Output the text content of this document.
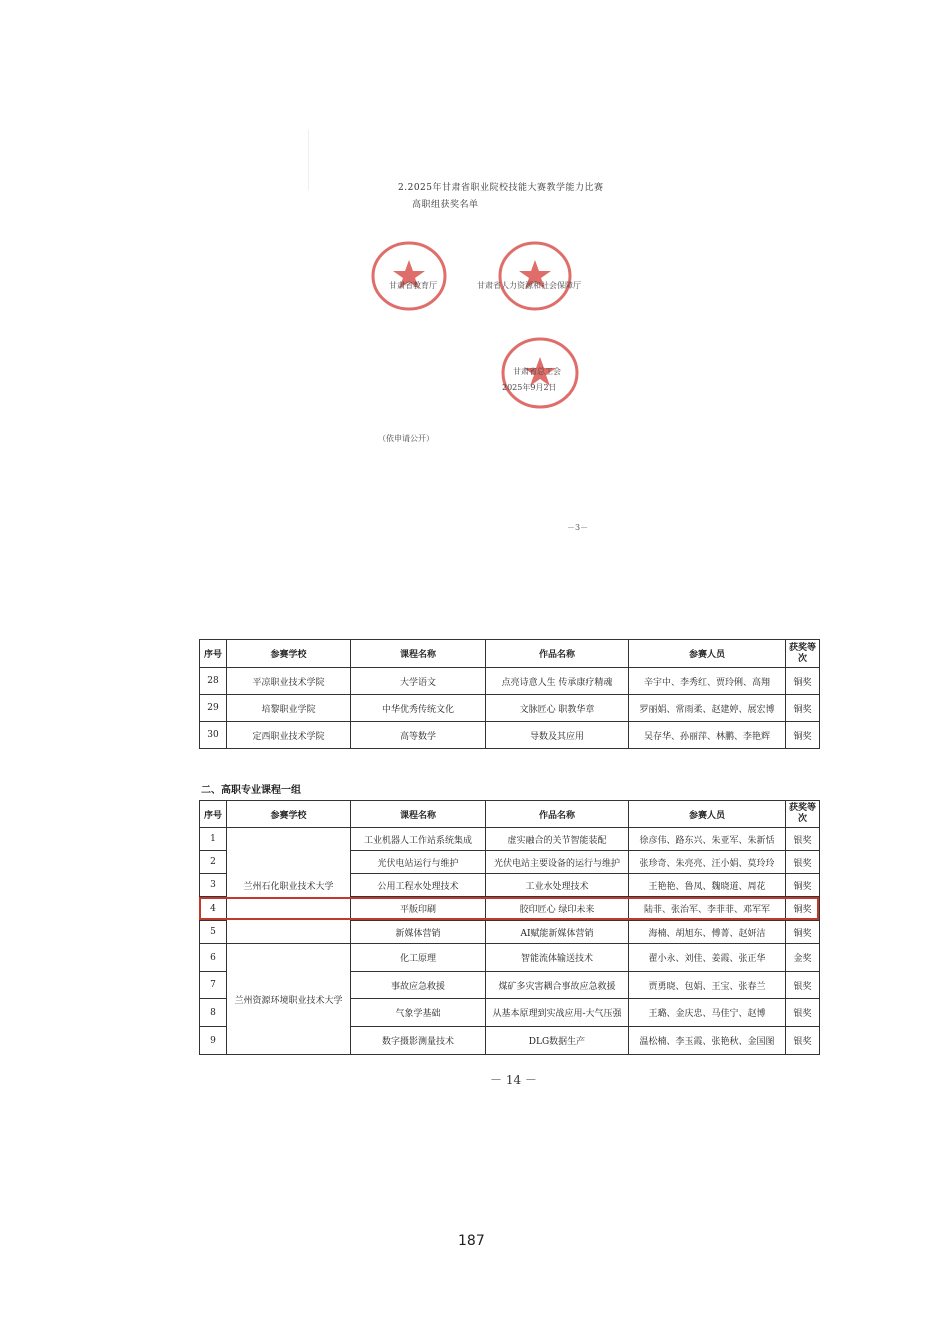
2.2025年甘肃省职业院校技能大赛教学能力比赛
高职组获奖名单
甘肃省教育厅	甘肃省人力资源和社会保障厅
甘肃省总工会
2025年9月2日
（依申请公开）
－3－
序号	参赛学校	课程名称	作品名称	参赛人员	获奖等次
28	平凉职业技术学院	大学语文	点亮诗意人生 传承康疗精魂	辛宇中、李秀红、贾玲俐、高翔	铜奖
29	培黎职业学院	中华优秀传统文化	文脉匠心 职教华章	罗丽娟、常雨柔、赵建婷、展宏博	铜奖
30	定西职业技术学院	高等数学	导数及其应用	吴存华、孙丽萍、林鹏、李艳辉	铜奖
二、高职专业课程一组
序号	参赛学校	课程名称	作品名称	参赛人员	获奖等次
1	兰州石化职业技术大学	工业机器人工作站系统集成	虚实融合的关节智能装配	徐彦伟、路东兴、朱亚军、朱新恬	银奖
2		光伏电站运行与维护	光伏电站主要设备的运行与维护	张珍奇、朱亮亮、汪小娟、莫玲玲	银奖
3		公用工程水处理技术	工业水处理技术	王艳艳、鲁凤、魏晓道、周花	铜奖
4		平版印刷	胶印匠心 绿印未来	陆菲、张治军、李菲菲、邓军军	铜奖
5		新媒体营销	AI赋能新媒体营销	海楠、胡旭东、傅菁、赵妍洁	铜奖
6	兰州资源环境职业技术大学	化工原理	智能流体输送技术	翟小永、刘佳、姜霞、张正华	金奖
7		事故应急救援	煤矿多灾害耦合事故应急救援	贾勇晓、包娟、王宝、张春兰	银奖
8		气象学基础	从基本原理到实战应用-大气压强	王璐、金庆忠、马佳宁、赵博	银奖
9		数字摄影测量技术	DLG数据生产	温松楠、李玉霞、张艳秋、金国图	银奖
－ 14 －
187
